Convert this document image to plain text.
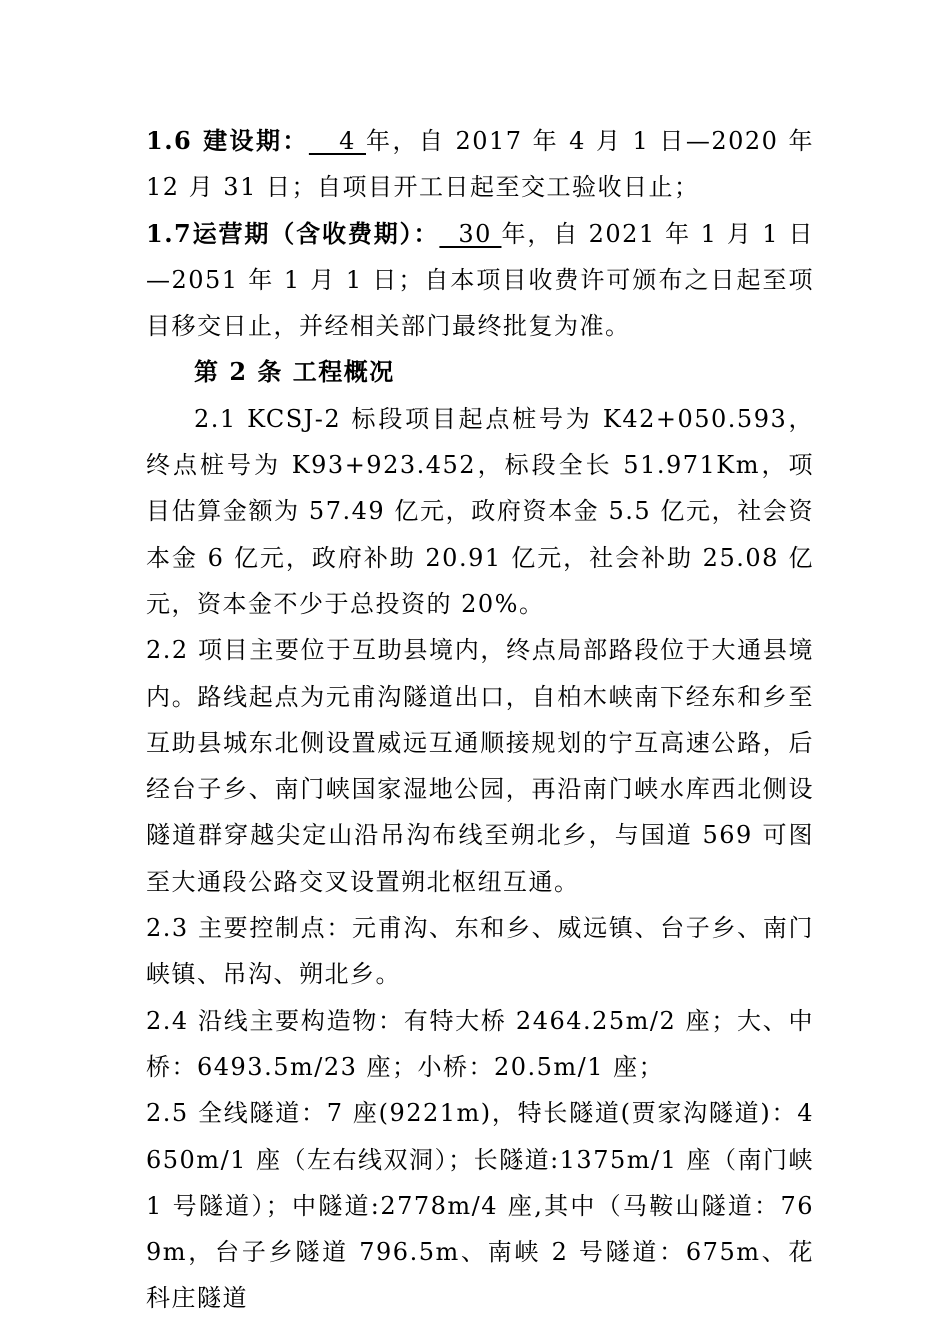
1.6 建设期：   4 年，自 2017 年 4 月 1 日—2020 年 12 月 31 日；自项目开工日起至交工验收日止；

1.7运营期（含收费期）：  30 年，自 2021 年 1 月 1 日—2051 年 1 月 1 日；自本项目收费许可颁布之日起至项目移交日止，并经相关部门最终批复为准。

第 2 条 工程概况

2.1 KCSJ-2 标段项目起点桩号为 K42+050.593，终点桩号为 K93+923.452，标段全长 51.971Km，项目估算金额为 57.49 亿元，政府资本金 5.5 亿元，社会资本金 6 亿元，政府补助 20.91 亿元，社会补助 25.08 亿元，资本金不少于总投资的 20%。

2.2 项目主要位于互助县境内，终点局部路段位于大通县境内。路线起点为元甫沟隧道出口，自柏木峡南下经东和乡至互助县城东北侧设置威远互通顺接规划的宁互高速公路，后经台子乡、南门峡国家湿地公园，再沿南门峡水库西北侧设隧道群穿越尖定山沿吊沟布线至朔北乡，与国道 569 可图至大通段公路交叉设置朔北枢纽互通。

2.3 主要控制点：元甫沟、东和乡、威远镇、台子乡、南门峡镇、吊沟、朔北乡。

2.4 沿线主要构造物：有特大桥 2464.25m/2 座；大、中桥：6493.5m/23 座；小桥：20.5m/1 座；

2.5 全线隧道：7 座(9221m)，特长隧道(贾家沟隧道)：4650m/1 座（左右线双洞）；长隧道:1375m/1 座（南门峡 1 号隧道）；中隧道:2778m/4 座,其中（马鞍山隧道：769m，台子乡隧道 796.5m、南峡 2 号隧道：675m、花科庄隧道
